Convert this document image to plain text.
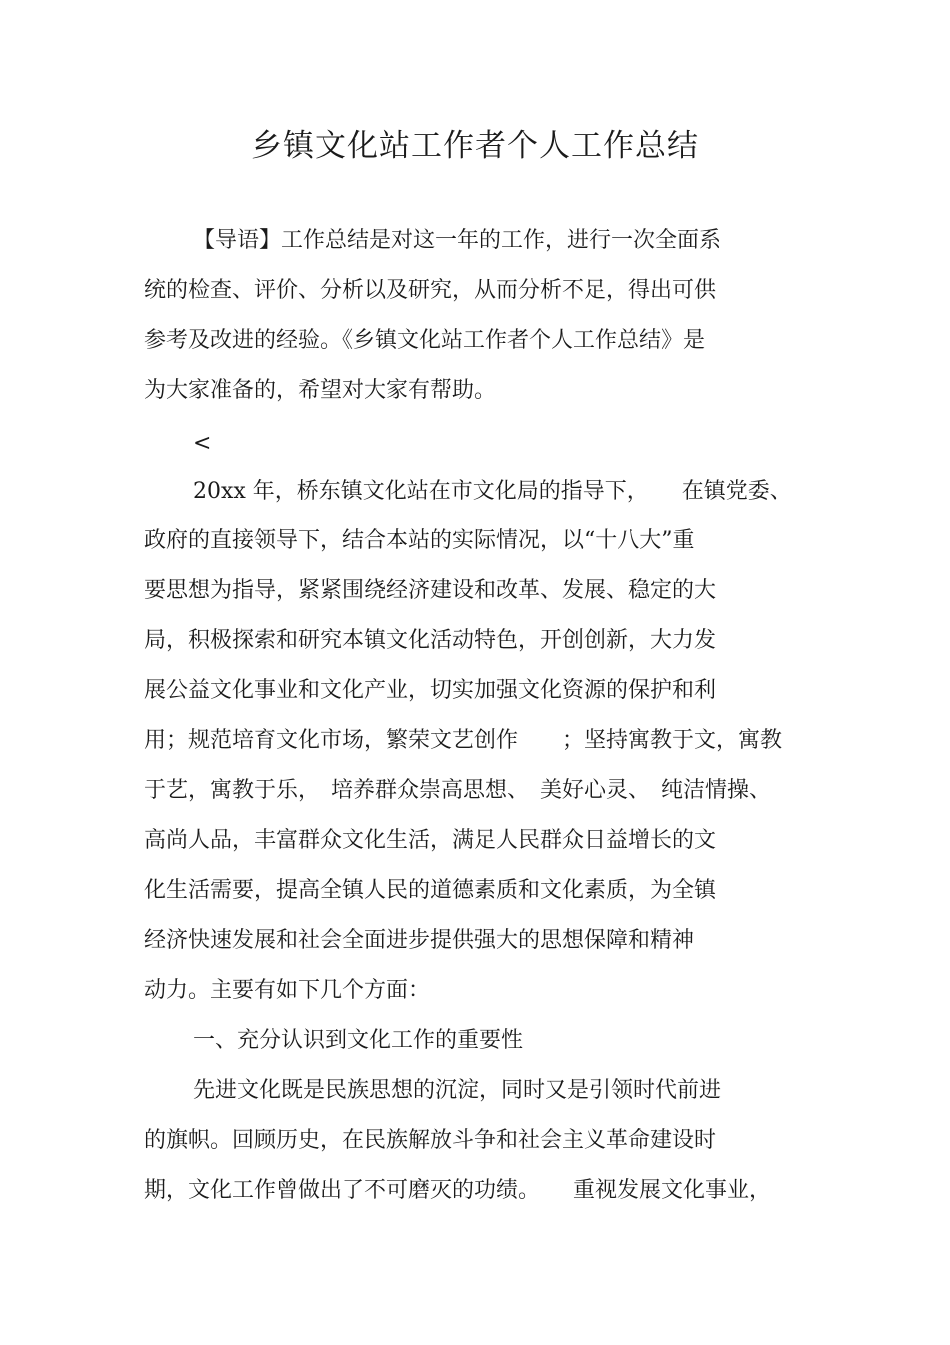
乡镇文化站工作者个人工作总结
【导语】工作总结是对这一年的工作，进行一次全面系
统的检查、评价、分析以及研究，从而分析不足，得出可供
参考及改进的经验。《乡镇文化站工作者个人工作总结》是
为大家准备的，希望对大家有帮助。
<
20xx 年，桥东镇文化站在市文化局的指导下，　　在镇党委、
政府的直接领导下，结合本站的实际情况，以“十八大”重
要思想为指导，紧紧围绕经济建设和改革、发展、稳定的大
局，积极探索和研究本镇文化活动特色，开创创新，大力发
展公益文化事业和文化产业，切实加强文化资源的保护和利
用；规范培育文化市场，繁荣文艺创作　　；坚持寓教于文，寓教
于艺，寓教于乐，　培养群众崇高思想、　美好心灵、　纯洁情操、
高尚人品，丰富群众文化生活，满足人民群众日益增长的文
化生活需要，提高全镇人民的道德素质和文化素质，为全镇
经济快速发展和社会全面进步提供强大的思想保障和精神
动力。主要有如下几个方面：
一、充分认识到文化工作的重要性
先进文化既是民族思想的沉淀，同时又是引领时代前进
的旗帜。回顾历史，在民族解放斗争和社会主义革命建设时
期，文化工作曾做出了不可磨灭的功绩。　　重视发展文化事业，
